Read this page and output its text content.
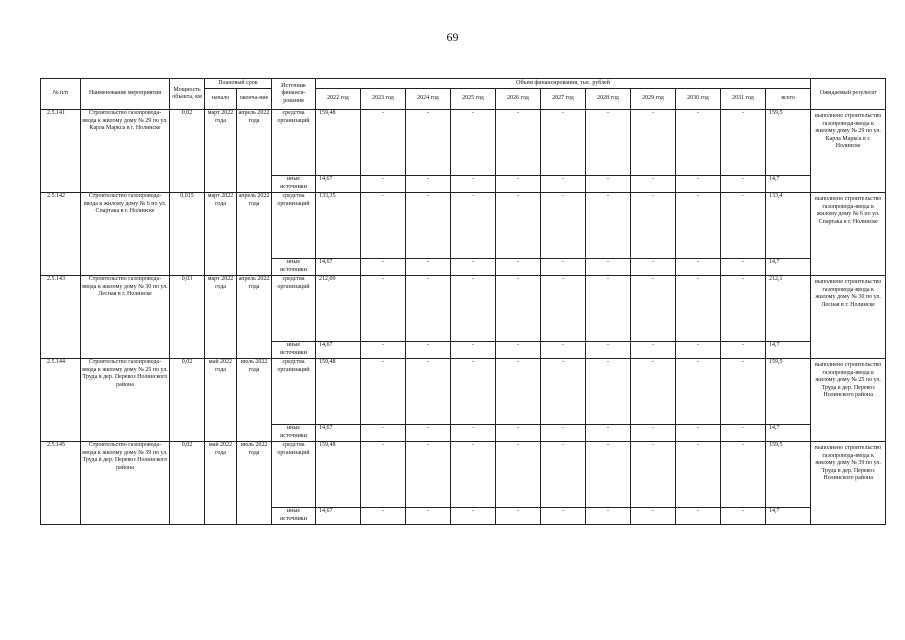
69
№ п/п	Наименование мероприятия	Мощность объекта, км	Плановый срок		Источник финанси-рования	Объем финансирования, тыс. рублей											Ожидаемый результат
			начало	оконча-ние		2022 год	2023 год	2024 год	2025 год	2026 год	2027 год	2028 год	2029 год	2030 год	2031 год	всего	
2.5.141	Строительство газопровода-ввода к жилому дому № 29 по ул. Карла Маркса в г. Нолинске	0,02	март 2022 года	апрель 2022 года	средства организаций	159,48	-	-	-	-	-	-	-	-	-	159,5	выполнено строительство газопровода-ввода к жилому дому № 29 по ул. Карла Маркса в г. Нолинске
					иные источники	14,67	-	-	-	-	-	-	-	-	-	14,7	
2.5.142	Строительство газопровода-ввода к жилому дому № 6 по ул. Спартака в г. Нолинске	0,015	март 2022 года	апрель 2022 года	средства организаций	133,35	-	-	-	-	-	-	-	-	-	133,4	выполнено строительство газопровода-ввода к жилому дому № 6 по ул. Спартака в г. Нолинске
					иные источники	14,67	-	-	-	-	-	-	-	-	-	14,7	
2.5.143	Строительство газопровода-ввода к жилому дому № 30 по ул. Лесная в г. Нолинске	0,03	март 2022 года	апрель 2022 года	средства организаций	212,09	-	-	-	-	-	-	-	-	-	212,1	выполнено строительство газопровода-ввода к жилому дому № 30 по ул. Лесная в г. Нолинске
					иные источники	14,67	-	-	-	-	-	-	-	-	-	14,7	
2.5.144	Строительство газопровода-ввода к жилому дому № 25 по ул. Труда в дер. Перевоз Нолинского района	0,02	май 2022 года	июль 2022 года	средства организаций	159,48	-	-	-	-	-	-	-	-	-	159,5	выполнено строительство газопровода-ввода к жилому дому № 25 по ул. Труда в дер. Перевоз Нолинского района
					иные источники	14,67	-	-	-	-	-	-	-	-	-	14,7	
2.5.145	Строительство газопровода-ввода к жилому дому № 39 по ул. Труда в дер. Перевоз Нолинского района	0,02	май 2022 года	июль 2022 года	средства организаций	159,48	-	-	-	-	-	-	-	-	-	159,5	выполнено строительство газопровода-ввода к жилому дому № 39 по ул. Труда в дер. Перевоз Нолинского района
					иные источники	14,67	-	-	-	-	-	-	-	-	-	14,7	
